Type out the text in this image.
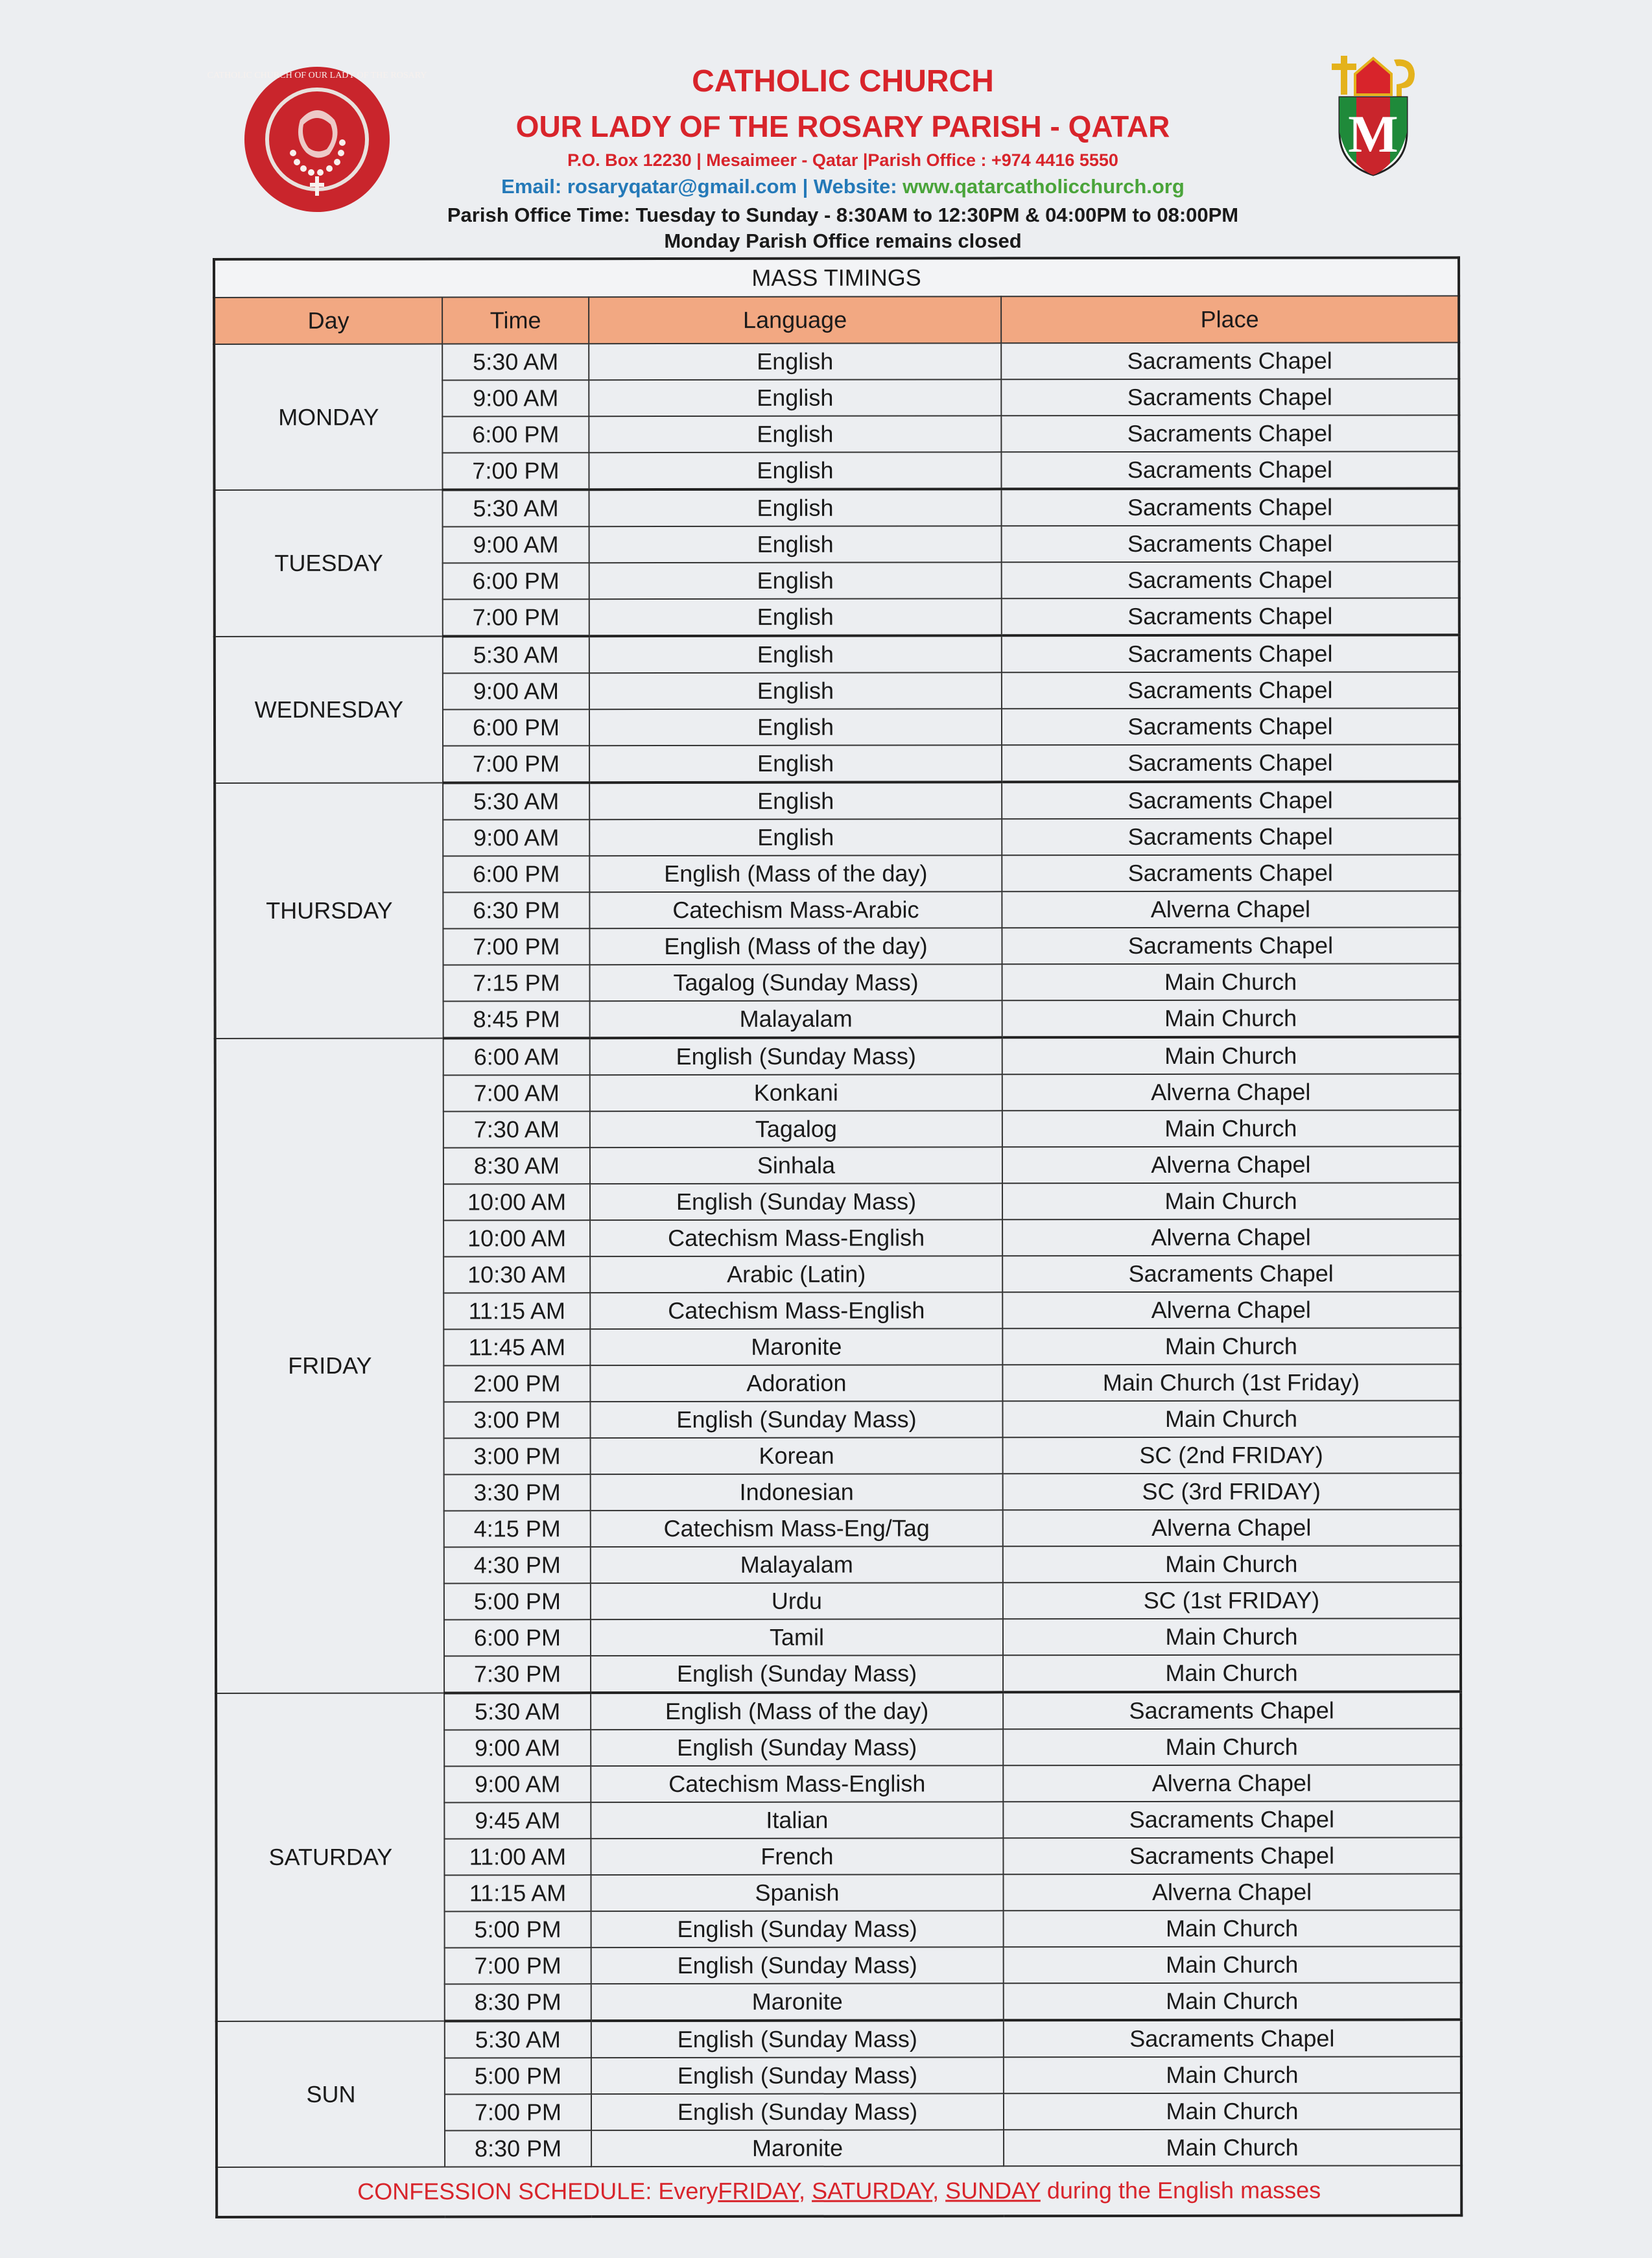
CATHOLIC CHURCH OF OUR LADY OF THE ROSARY
M
CATHOLIC CHURCH
OUR LADY OF THE ROSARY PARISH - QATAR
P.O. Box 12230 | Mesaimeer - Qatar |Parish Office : +974 4416 5550
Email: rosaryqatar@gmail.com | Website: www.qatarcatholicchurch.org
Parish Office Time: Tuesday to Sunday - 8:30AM to 12:30PM & 04:00PM to 08:00PM
Monday Parish Office remains closed
MASS TIMINGS			
Day	Time	Language	Place
MONDAY	5:30 AM	English	Sacraments Chapel
	9:00 AM	English	Sacraments Chapel
	6:00 PM	English	Sacraments Chapel
	7:00 PM	English	Sacraments Chapel
TUESDAY	5:30 AM	English	Sacraments Chapel
	9:00 AM	English	Sacraments Chapel
	6:00 PM	English	Sacraments Chapel
	7:00 PM	English	Sacraments Chapel
WEDNESDAY	5:30 AM	English	Sacraments Chapel
	9:00 AM	English	Sacraments Chapel
	6:00 PM	English	Sacraments Chapel
	7:00 PM	English	Sacraments Chapel
THURSDAY	5:30 AM	English	Sacraments Chapel
	9:00 AM	English	Sacraments Chapel
	6:00 PM	English (Mass of the day)	Sacraments Chapel
	6:30 PM	Catechism Mass-Arabic	Alverna Chapel
	7:00 PM	English (Mass of the day)	Sacraments Chapel
	7:15 PM	Tagalog (Sunday Mass)	Main Church
	8:45 PM	Malayalam	Main Church
FRIDAY	6:00 AM	English (Sunday Mass)	Main Church
	7:00 AM	Konkani	Alverna Chapel
	7:30 AM	Tagalog	Main Church
	8:30 AM	Sinhala	Alverna Chapel
	10:00 AM	English (Sunday Mass)	Main Church
	10:00 AM	Catechism Mass-English	Alverna Chapel
	10:30 AM	Arabic (Latin)	Sacraments Chapel
	11:15 AM	Catechism Mass-English	Alverna Chapel
	11:45 AM	Maronite	Main Church
	2:00 PM	Adoration	Main Church (1st Friday)
	3:00 PM	English (Sunday Mass)	Main Church
	3:00 PM	Korean	SC (2nd FRIDAY)
	3:30 PM	Indonesian	SC (3rd FRIDAY)
	4:15 PM	Catechism Mass-Eng/Tag	Alverna Chapel
	4:30 PM	Malayalam	Main Church
	5:00 PM	Urdu	SC (1st FRIDAY)
	6:00 PM	Tamil	Main Church
	7:30 PM	English (Sunday Mass)	Main Church
SATURDAY	5:30 AM	English (Mass of the day)	Sacraments Chapel
	9:00 AM	English (Sunday Mass)	Main Church
	9:00 AM	Catechism Mass-English	Alverna Chapel
	9:45 AM	Italian	Sacraments Chapel
	11:00 AM	French	Sacraments Chapel
	11:15 AM	Spanish	Alverna Chapel
	5:00 PM	English (Sunday Mass)	Main Church
	7:00 PM	English (Sunday Mass)	Main Church
	8:30 PM	Maronite	Main Church
SUN	5:30 AM	English (Sunday Mass)	Sacraments Chapel
	5:00 PM	English (Sunday Mass)	Main Church
	7:00 PM	English (Sunday Mass)	Main Church
	8:30 PM	Maronite	Main Church
CONFESSION SCHEDULE: EveryFRIDAY, SATURDAY, SUNDAY during the English masses			
